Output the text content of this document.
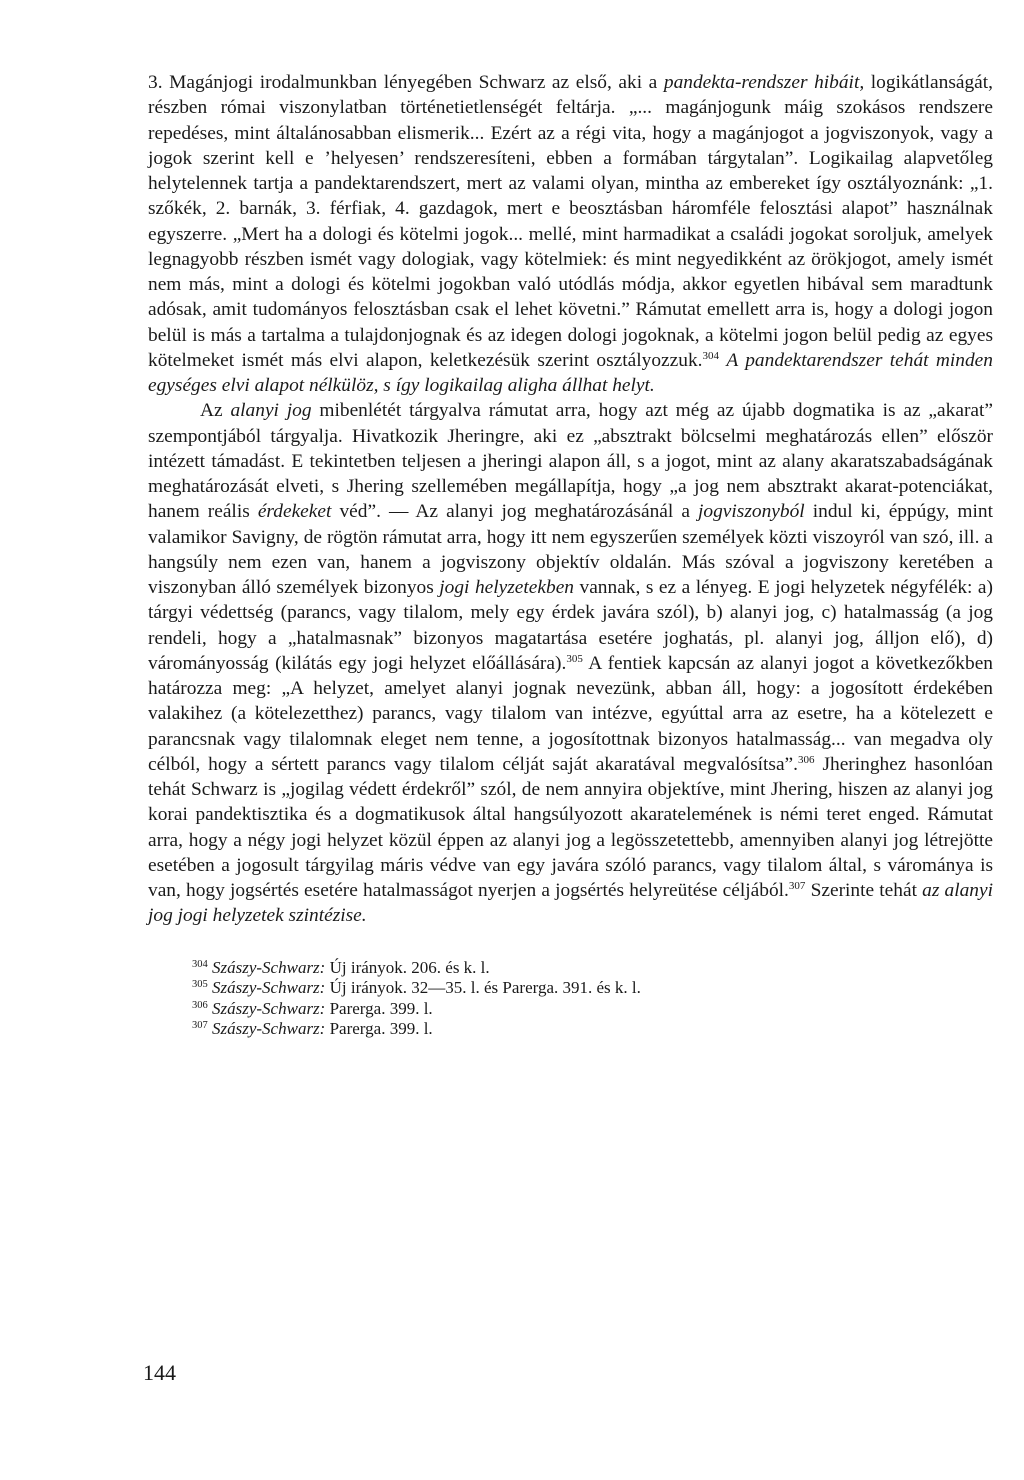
3. Magánjogi irodalmunkban lényegében Schwarz az első, aki a pandekta-rendszer hibáit, logikátlanságát, részben római viszonylatban történetietlenségét feltárja. „... magánjogunk máig szokásos rendszere repedéses, mint általánosabban elismerik... Ezért az a régi vita, hogy a magánjogot a jogviszonyok, vagy a jogok szerint kell e ’helyesen’ rendszeresíteni, ebben a formában tárgytalan”. Logikailag alapvetőleg helytelennek tartja a pandektarendszert, mert az valami olyan, mintha az embereket így osztályoznánk: „1. szőkék, 2. barnák, 3. férfiak, 4. gazdagok, mert e beosztásban háromféle felosztási alapot” használnak egyszerre. „Mert ha a dologi és kötelmi jogok... mellé, mint harmadikat a családi jogokat soroljuk, amelyek legnagyobb részben ismét vagy dologiak, vagy kötelmiek: és mint negyedikként az örökjogot, amely ismét nem más, mint a dologi és kötelmi jogokban való utódlás módja, akkor egyetlen hibával sem maradtunk adósak, amit tudományos felosztásban csak el lehet követni.” Rámutat emellett arra is, hogy a dologi jogon belül is más a tartalma a tulajdonjognak és az idegen dologi jogoknak, a kötelmi jogon belül pedig az egyes kötelmeket ismét más elvi alapon, keletkezésük szerint osztályozzuk.$^{304}$ A pandektarendszer tehát minden egységes elvi alapot nélkülöz, s így logikailag aligha állhat helyt.

Az alanyi jog mibenlétét tárgyalva rámutat arra, hogy azt még az újabb dogmatika is az „akarat” szempontjából tárgyalja. Hivatkozik Jheringre, aki ez „absztrakt bölcselmi meghatározás ellen” először intézett támadást. E tekintetben teljesen a jheringi alapon áll, s a jogot, mint az alany akaratszabadságának meghatározását elveti, s Jhering szellemében megállapítja, hogy „a jog nem absztrakt akarat-potenciákat, hanem reális érdekeket véd”. — Az alanyi jog meghatározásánál a jogviszonyból indul ki, éppúgy, mint valamikor Savigny, de rögtön rámutat arra, hogy itt nem egyszerűen személyek közti viszoyról van szó, ill. a hangsúly nem ezen van, hanem a jogviszony objektív oldalán. Más szóval a jogviszony keretében a viszonyban álló személyek bizonyos jogi helyzetekben vannak, s ez a lényeg. E jogi helyzetek négyfélék: a) tárgyi védettség (parancs, vagy tilalom, mely egy érdek javára szól), b) alanyi jog, c) hatalmasság (a jog rendeli, hogy a „hatalmasnak” bizonyos magatartása esetére joghatás, pl. alanyi jog, álljon elő), d) várományosság (kilátás egy jogi helyzet előállására).$^{305}$ A fentiek kapcsán az alanyi jogot a következőkben határozza meg: „A helyzet, amelyet alanyi jognak nevezünk, abban áll, hogy: a jogosított érdekében valakihez (a kötelezetthez) parancs, vagy tilalom van intézve, egyúttal arra az esetre, ha a kötelezett e parancsnak vagy tilalomnak eleget nem tenne, a jogosítottnak bizonyos hatalmasság... van megadva oly célból, hogy a sértett parancs vagy tilalom célját saját akaratával megvalósítsa”.$^{306}$ Jheringhez hasonlóan tehát Schwarz is „jogilag védett érdekről” szól, de nem annyira objektíve, mint Jhering, hiszen az alanyi jog korai pandektisztika és a dogmatikusok által hangsúlyozott akaratelemének is némi teret enged. Rámutat arra, hogy a négy jogi helyzet közül éppen az alanyi jog a legösszetettebb, amennyiben alanyi jog létrejötte esetében a jogosult tárgyilag máris védve van egy javára szóló parancs, vagy tilalom által, s várománya is van, hogy jogsértés esetére hatalmasságot nyerjen a jogsértés helyreütése céljából.$^{307}$ Szerinte tehát az alanyi jog jogi helyzetek szintézise.

$^{304}$ Szászy-Schwarz: Új irányok. 206. és k. l.
$^{305}$ Szászy-Schwarz: Új irányok. 32—35. l. és Parerga. 391. és k. l.
$^{306}$ Szászy-Schwarz: Parerga. 399. l.
$^{307}$ Szászy-Schwarz: Parerga. 399. l.
144
